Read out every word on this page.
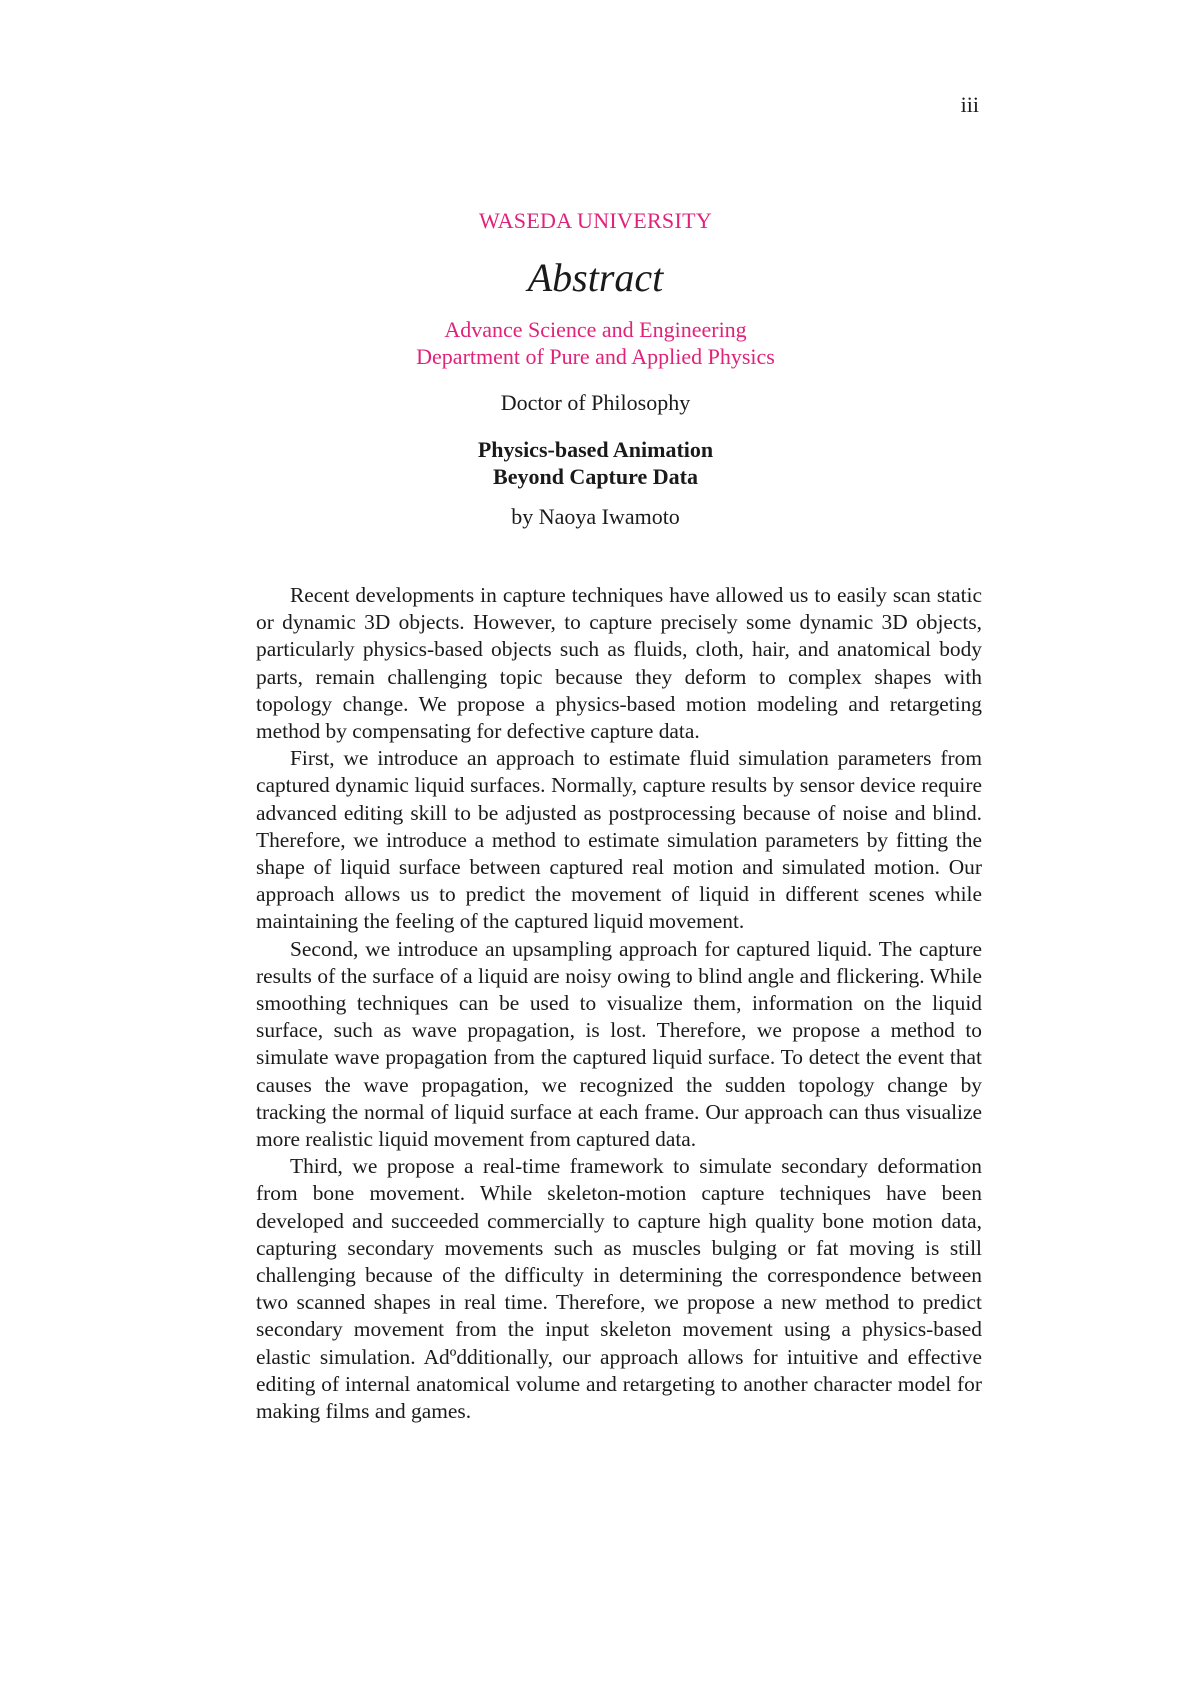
iii

WASEDA UNIVERSITY

Abstract

Advance Science and Engineering

Department of Pure and Applied Physics

Doctor of Philosophy

Physics-based Animation
Beyond Capture Data

by Naoya Iwamoto

Recent developments in capture techniques have allowed us to easily scan static or dynamic 3D objects. However, to capture precisely some dynamic 3D objects, particularly physics-based objects such as fluids, cloth, hair, and anatomical body parts, remain challenging topic because they deform to complex shapes with topology change. We propose a physics-based motion modeling and retargeting method by compensating for defective capture data.

First, we introduce an approach to estimate fluid simulation parameters from captured dynamic liquid surfaces. Normally, capture results by sensor device require advanced editing skill to be adjusted as postprocessing because of noise and blind. Therefore, we introduce a method to estimate simulation parameters by fitting the shape of liquid surface between captured real motion and simulated motion. Our approach allows us to predict the movement of liquid in different scenes while maintaining the feeling of the captured liquid movement.

Second, we introduce an upsampling approach for captured liquid. The capture results of the surface of a liquid are noisy owing to blind angle and flickering. While smoothing techniques can be used to visualize them, information on the liquid surface, such as wave propagation, is lost. Therefore, we propose a method to simulate wave propagation from the captured liquid surface. To detect the event that causes the wave propagation, we recognized the sudden topology change by tracking the normal of liquid surface at each frame. Our approach can thus visualize more realistic liquid movement from captured data.

Third, we propose a real-time framework to simulate secondary deformation from bone movement. While skeleton-motion capture techniques have been developed and succeeded commercially to capture high quality bone motion data, capturing secondary movements such as muscles bulging or fat moving is still challenging because of the difficulty in determining the correspondence between two scanned shapes in real time. Therefore, we propose a new method to predict secondary movement from the input skeleton movement using a physics-based elastic simulation. Adºdditionally, our approach allows for intuitive and effective editing of internal anatomical volume and retargeting to another character model for making films and games.
